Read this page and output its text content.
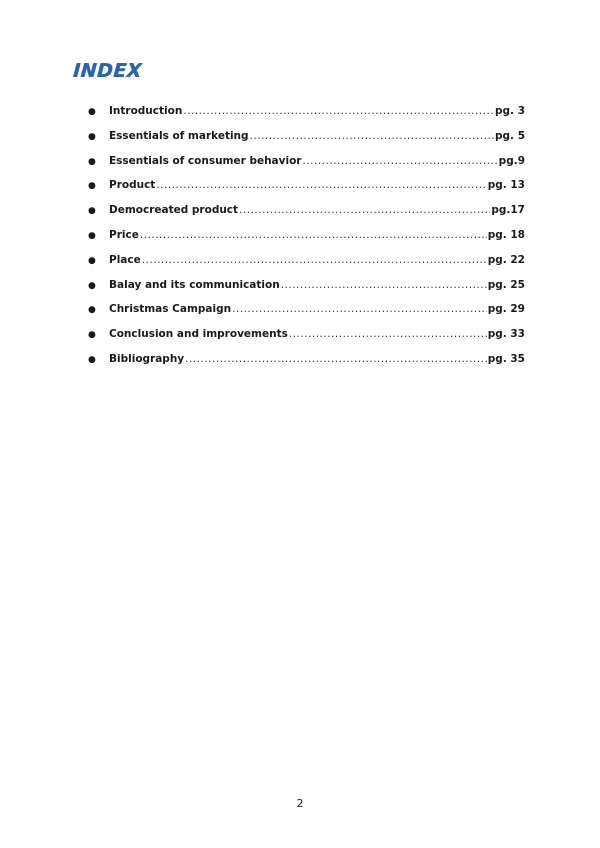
INDEX
●	Introduction .....	pg. 3
●	Essentials of marketing .....	pg. 5
●	Essentials of consumer behavior .....	pg.9
●	Product .....	pg. 13
●	Democreated product .....	pg.17
●	Price .....	pg. 18
●	Place .....	pg. 22
●	Balay and its communication .....	pg. 25
●	Christmas Campaign .....	pg. 29
●	Conclusion and improvements .....	pg. 33
●	Bibliography .....	pg. 35
2
